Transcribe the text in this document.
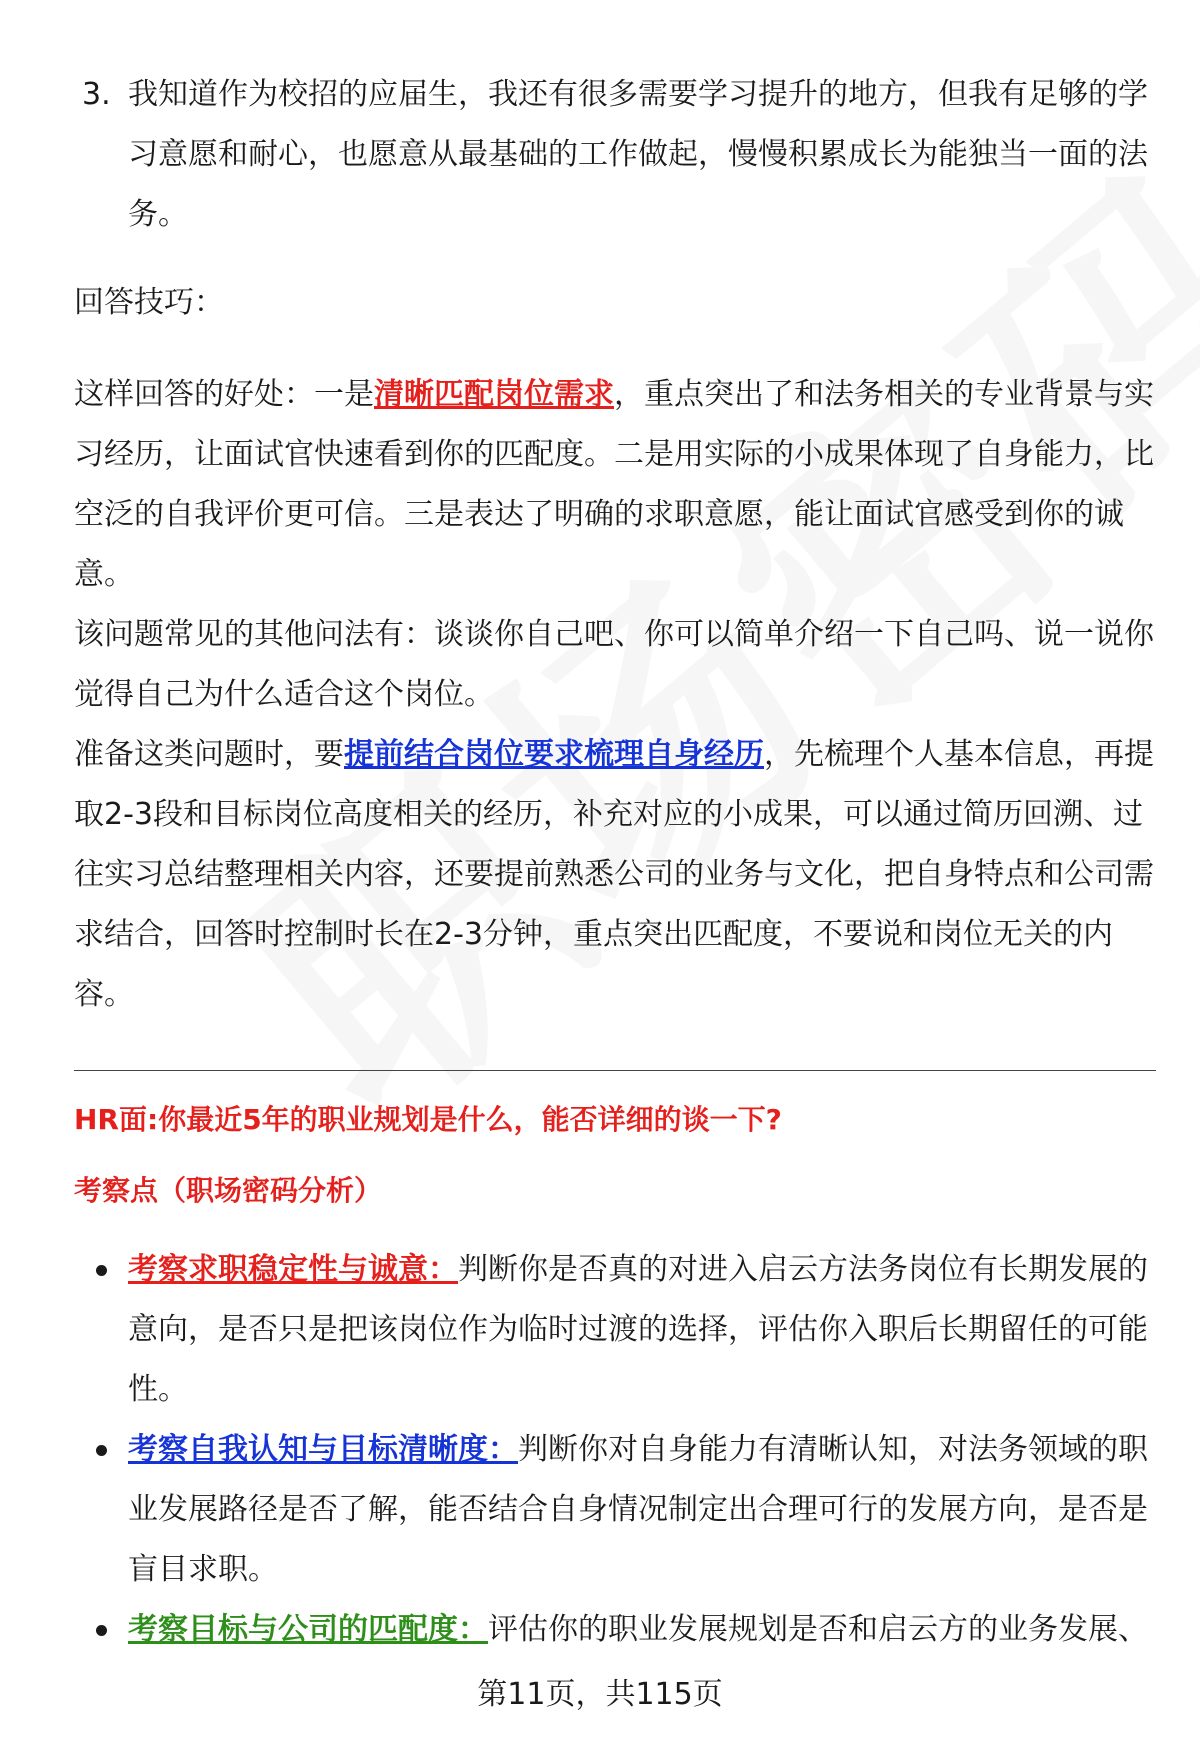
3. 我知道作为校招的应届生，我还有很多需要学习提升的地方，但我有足够的学习意愿和耐心，也愿意从最基础的工作做起，慢慢积累成长为能独当一面的法务。
回答技巧：
这样回答的好处：一是清晰匹配岗位需求，重点突出了和法务相关的专业背景与实习经历，让面试官快速看到你的匹配度。二是用实际的小成果体现了自身能力，比空泛的自我评价更可信。三是表达了明确的求职意愿，能让面试官感受到你的诚意。
该问题常见的其他问法有：谈谈你自己吧、你可以简单介绍一下自己吗、说一说你觉得自己为什么适合这个岗位。
准备这类问题时，要提前结合岗位要求梳理自身经历，先梳理个人基本信息，再提取2-3段和目标岗位高度相关的经历，补充对应的小成果，可以通过简历回溯、过往实习总结整理相关内容，还要提前熟悉公司的业务与文化，把自身特点和公司需求结合，回答时控制时长在2-3分钟，重点突出匹配度，不要说和岗位无关的内容。
HR面:你最近5年的职业规划是什么，能否详细的谈一下?
考察点（职场密码分析）
考察求职稳定性与诚意：判断你是否真的对进入启云方法务岗位有长期发展的意向，是否只是把该岗位作为临时过渡的选择，评估你入职后长期留任的可能性。
考察自我认知与目标清晰度：判断你对自身能力有清晰认知，对法务领域的职业发展路径是否了解，能否结合自身情况制定出合理可行的发展方向，是否是盲目求职。
考察目标与公司的匹配度：评估你的职业发展规划是否和启云方的业务发展、
第11页，共115页
